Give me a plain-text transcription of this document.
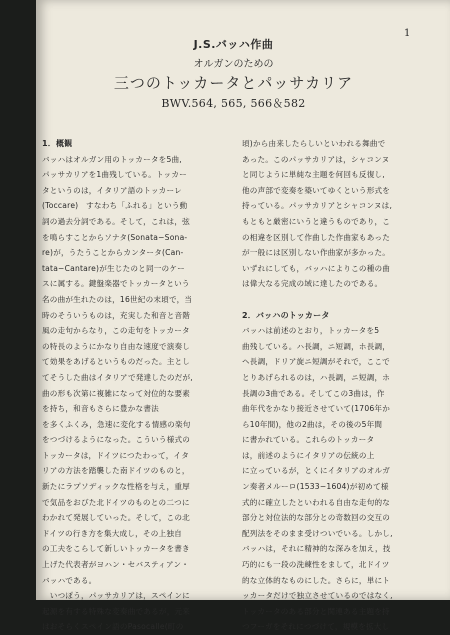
1
J.S.バッハ作曲
オルガンのための
三つのトッカータとパッサカリア
BWV.564, 565, 566＆582
1．概観
バッハはオルガン用のトッカータを5曲,
パッサカリアを1曲残している。トッカー
タというのは，イタリア語のトッカーレ
(Toccare)　すなわち「ふれる」という動
詞の過去分詞である。そして，これは，弦
を鳴らすことからソナタ(Sonata−Sona-
re)が，うたうことからカンタータ(Can-
tata−Cantare)が生じたのと同一のケー
スに属する。鍵盤楽器でトッカータという
名の曲が生れたのは，16世紀の末頃で，当
時のそういうものは，充実した和音と音階
風の走句からなり，この走句をトッカータ
の特長のようにかなり自由な速度で演奏し
て効果をあげるというものだった。主とし
てそうした曲はイタリアで発達したのだが,
曲の形も次第に複雑になって対位的な要素
を持ち，和音もさらに豊かな書法
を多くふくみ，急速に変化する情感の楽句
をつづけるようになった。こういう様式の
トッカータは，ドイツにつたわって，イタ
リアの方法を踏襲した南ドイツのものと，
新たにラプソディックな性格を与え，重厚
で気品をおびた北ドイツのものとの二つに
わかれて発展していった。そして，この北
ドイツの行き方を集大成し，その上独自
の工夫をこらして新しいトッカータを書き
上げた代表者がヨハン・セバスティアン・
バッハである。
　いつぽう，パッサカリアは，スペインに
起源を有する特殊な変奏曲であるが，元来
はおそらくスペイン語のPasocalle(町の
頃)から由来したらしいといわれる舞曲で
あった。このパッサカリアは，シャコンヌ
と同じように単純な主題を何回も反復し,
他の声部で変奏を築いてゆくという形式を
持っている。パッサカリアとシャコンヌは,
もともと厳密にいうと違うものであり，こ
の相違を区別して作曲した作曲家もあった
が一般には区別しない作曲家が多かった。
いずれにしても，バッハによりこの種の曲
は偉大なる完成の域に達したのである。
2．バッハのトッカータ
バッハは前述のとおり，トッカータを5
曲残している。ハ長調，ニ短調，ホ長調，
ヘ長調，ドリア旋ニ短調がそれで，ここで
とりあげられるのは，ハ長調，ニ短調，ホ
長調の3曲である。そしてこの3曲は，作
曲年代をかなり接近させていて(1706年か
ら10年間)，他の2曲は，その後の5年間
に書かれている。これらのトッカータ
は，前述のようにイタリアの伝統の上
に立っているが，とくにイタリアのオルガ
ン奏者メルーロ(1533−1604)が初めて様
式的に確立したといわれる自由な走句的な
部分と対位法的な部分との奇数回の交互の
配列法をそのまま受けついでいる。しかし,
バッハは，それに精神的な深みを加え，技
巧的にも一段の洗練性をまして，北ドイツ
的な立体的なものにした。さらに，単にト
ッカータだけで独立させているのではなく,
トッカータのある部分と関連ある主題を持
つフーガをそれにつづけて，規模を拡大し
